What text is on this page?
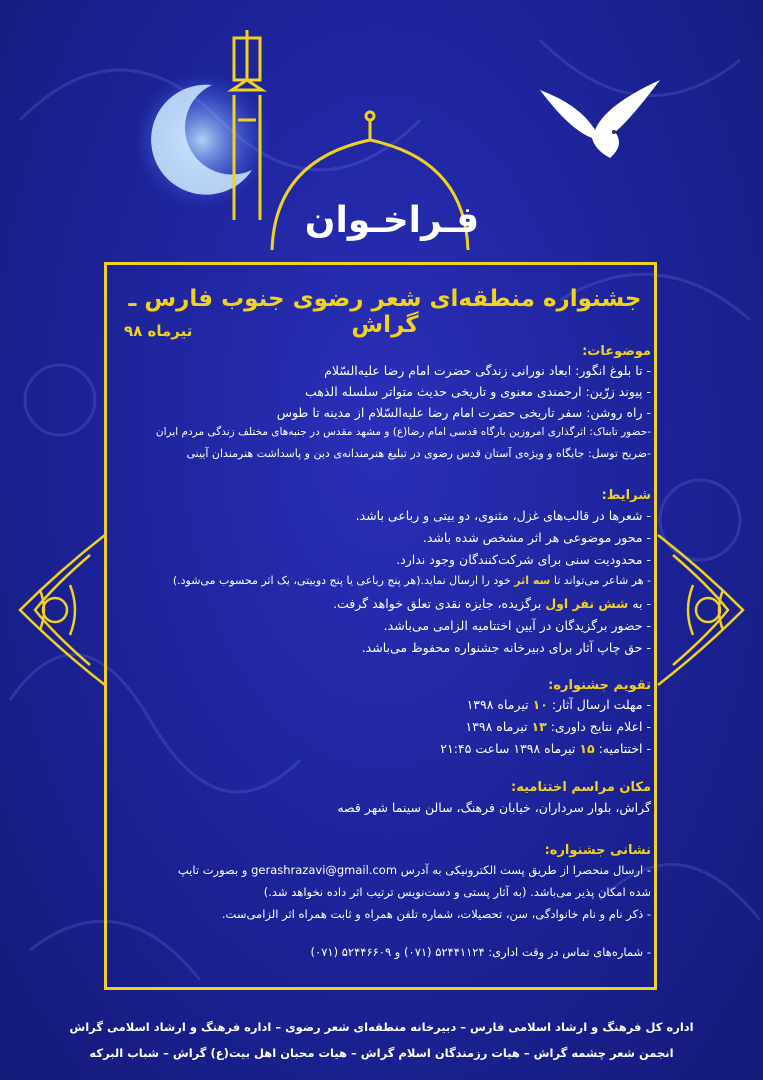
فـراخـوان
جشنواره منطقه‌ای شعر رضوی جنوب فارس ـ گراش
تیرماه ۹۸
موضوعات:
- تا بلوغ انگور: ابعاد نورانی زندگی حضرت امام رضا علیه‌السّلام
- پیوند زرّین: ارجمندی معنوی و تاریخی حدیث متواتر سلسله الذهب
- راه روشن: سفر تاریخی حضرت امام رضا علیه‌السّلام از مدینه تا طوس
-حضور تابناک: اثرگذاری امروزین بارگاه قدسی امام رضا(ع) و مشهد مقدس در جنبه‌های مختلف زندگی مردم ایران
-ضریح توسل: جایگاه و ویژه‌ی آستان قدس رضوی در تبلیغ هنرمندانه‌ی دین و پاسداشت هنرمندان آیینی
شرایط:
- شعرها در قالب‌های غزل، مثنوی، دو بیتی و رباعی باشد.
- محور موضوعی هر اثر مشخص شده باشد.
- محدودیت سنی برای شرکت‌کنندگان وجود ندارد.
- هر شاعر می‌تواند تا سه اثر خود را ارسال نماید.(هر پنج رباعی یا پنج دوبیتی، یک اثر محسوب می‌شود.)
- به شش نفر اول برگزیده، جایزه نقدی تعلق خواهد گرفت.
- حضور برگزیدگان در آیین اختتامیه الزامی می‌باشد.
- حق چاپ آثار برای دبیرخانه جشنواره محفوظ می‌باشد.
تقویم جشنواره:
- مهلت ارسال آثار: ۱۰ تیرماه ۱۳۹۸
- اعلام نتایج داوری: ۱۳ تیرماه ۱۳۹۸
- اختتامیه: ۱۵ تیرماه ۱۳۹۸ ساعت ۲۱:۴۵
مکان مراسم اختتامیه:
گراش، بلوار سرداران، خیابان فرهنگ، سالن سینما شهر قصه
نشانی جشنواره:
- ارسال منحصرا از طریق پست الکترونیکی به آدرس gerashrazavi@gmail.com و بصورت تایپ
شده امکان پذیر می‌باشد. (به آثار پستی و دست‌نویس ترتیب اثر داده نخواهد شد.)
- ذکر نام و نام خانوادگی، سن، تحصیلات، شماره تلفن همراه و ثابت همراه اثر الزامی‌ست.
- شماره‌های تماس در وقت اداری: ۵۲۴۴۱۱۲۴ (۰۷۱) و ۵۲۴۴۶۶۰۹ (۰۷۱)
اداره کل فرهنگ و ارشاد اسلامی فارس – دبیرخانه منطقه‌ای شعر رضوی – اداره فرهنگ و ارشاد اسلامی گراش
انجمن شعر چشمه گراش – هیات رزمندگان اسلام گراش – هیات محبان اهل بیت(ع) گراش – شباب البرکه
